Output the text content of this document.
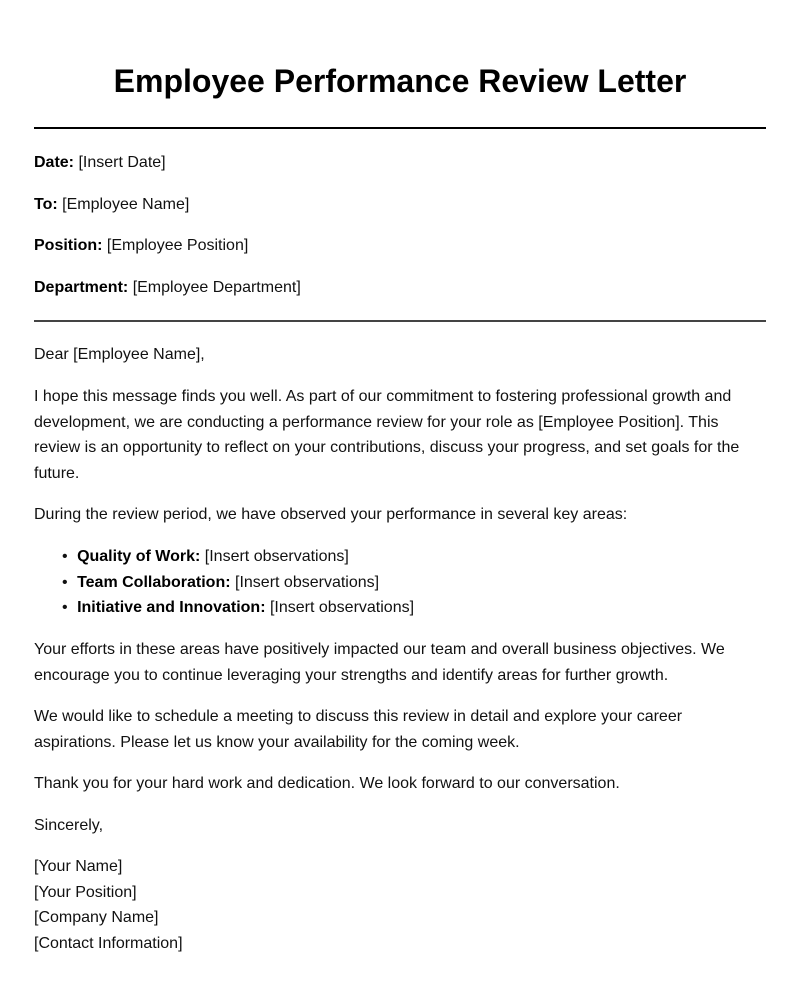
Employee Performance Review Letter
Date: [Insert Date]
To: [Employee Name]
Position: [Employee Position]
Department: [Employee Department]

Dear [Employee Name],

I hope this message finds you well. As part of our commitment to fostering professional growth and development, we are conducting a performance review for your role as [Employee Position]. This review is an opportunity to reflect on your contributions, discuss your progress, and set goals for the future.

During the review period, we have observed your performance in several key areas:

• Quality of Work: [Insert observations]
• Team Collaboration: [Insert observations]
• Initiative and Innovation: [Insert observations]

Your efforts in these areas have positively impacted our team and overall business objectives. We encourage you to continue leveraging your strengths and identify areas for further growth.

We would like to schedule a meeting to discuss this review in detail and explore your career aspirations. Please let us know your availability for the coming week.

Thank you for your hard work and dedication. We look forward to our conversation.

Sincerely,

[Your Name]
[Your Position]
[Company Name]
[Contact Information]
